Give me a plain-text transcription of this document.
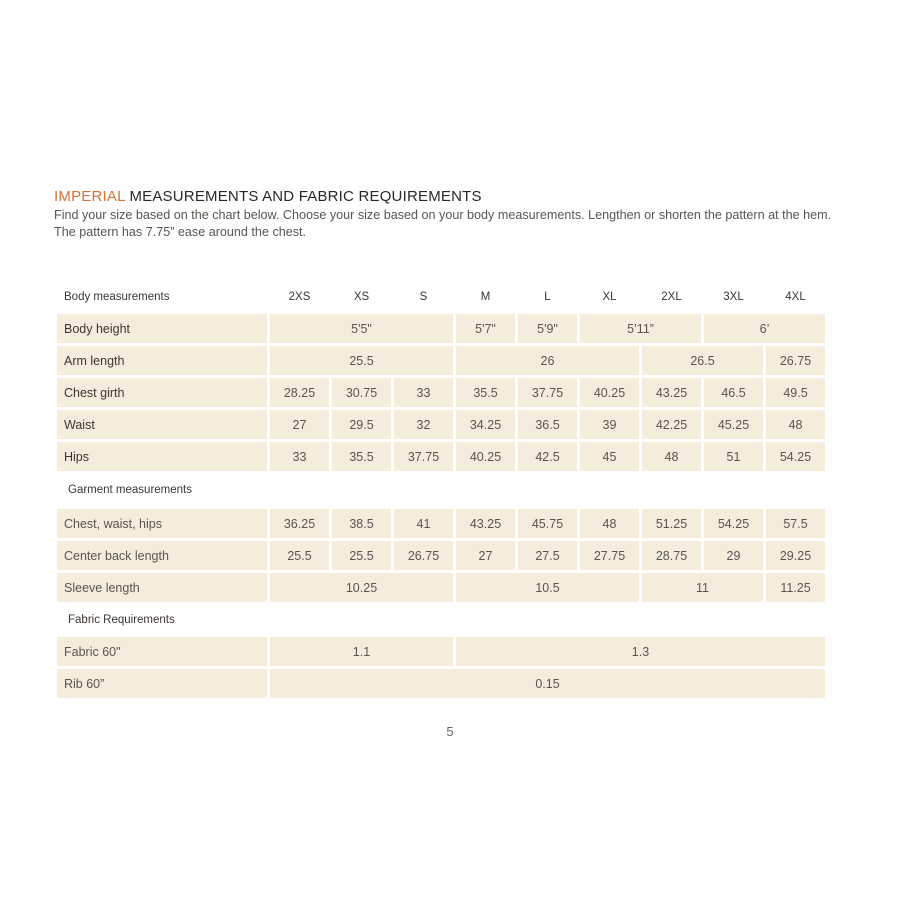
IMPERIAL MEASUREMENTS AND FABRIC REQUIREMENTS
Find your size based on the chart below. Choose your size based on your body measurements. Lengthen or shorten the pattern at the hem. The pattern has 7.75” ease around the chest.
Body measurements	2XS	XS	S	M	L	XL	2XL	3XL	4XL
Body height	5'5"			5'7"	5'9"	5’11”		6’	
Arm length	25.5			26			26.5		26.75
Chest girth	28.25	30.75	33	35.5	37.75	40.25	43.25	46.5	49.5
Waist	27	29.5	32	34.25	36.5	39	42.25	45.25	48
Hips	33	35.5	37.75	40.25	42.5	45	48	51	54.25
Garment measurements									
Chest, waist, hips	36.25	38.5	41	43.25	45.75	48	51.25	54.25	57.5
Center back length	25.5	25.5	26.75	27	27.5	27.75	28.75	29	29.25
Sleeve length	10.25			10.5			11		11.25
Fabric Requirements									
Fabric 60"	1.1			1.3					
Rib 60”	0.15								
5
